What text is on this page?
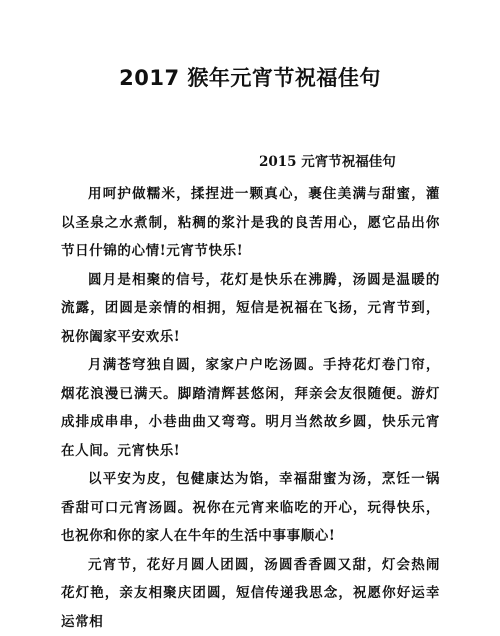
2017 猴年元宵节祝福佳句
2015 元宵节祝福佳句

用呵护做糯米，揉捏进一颗真心，裹住美满与甜蜜，灌以圣泉之水煮制，粘稠的浆汁是我的良苦用心，愿它品出你节日什锦的心情!元宵节快乐!

圆月是相聚的信号，花灯是快乐在沸腾，汤圆是温暖的流露，团圆是亲情的相拥，短信是祝福在飞扬，元宵节到，祝你阖家平安欢乐!

月满苍穹独自圆，家家户户吃汤圆。手持花灯卷门帘，烟花浪漫已满天。脚踏清辉甚悠闲，拜亲会友很随便。游灯成排成串串，小巷曲曲又弯弯。明月当然故乡圆，快乐元宵在人间。元宵快乐!

以平安为皮，包健康达为馅，幸福甜蜜为汤，烹饪一锅香甜可口元宵汤圆。祝你在元宵来临吃的开心，玩得快乐，也祝你和你的家人在牛年的生活中事事顺心!

元宵节，花好月圆人团圆，汤圆香香圆又甜，灯会热闹花灯艳，亲友相聚庆团圆，短信传递我思念，祝愿你好运幸运常相
